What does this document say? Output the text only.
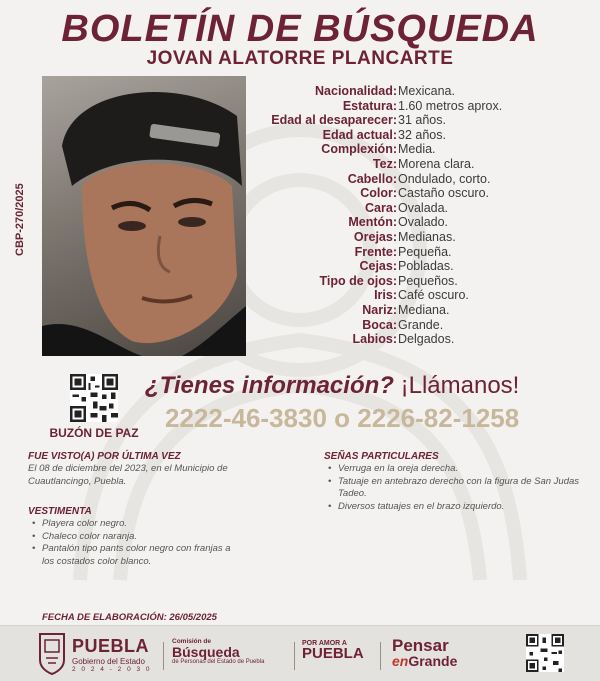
BOLETÍN DE BÚSQUEDA
JOVAN ALATORRE PLANCARTE
CBP-270/2025
Nacionalidad: Mexicana.
Estatura: 1.60 metros aprox.
Edad al desaparecer: 31 años.
Edad actual: 32 años.
Complexión: Media.
Tez: Morena clara.
Cabello: Ondulado, corto.
Color: Castaño oscuro.
Cara: Ovalada.
Mentón: Ovalado.
Orejas: Medianas.
Frente: Pequeña.
Cejas: Pobladas.
Tipo de ojos: Pequeños.
Iris: Café oscuro.
Nariz: Mediana.
Boca: Grande.
Labios: Delgados.
BUZÓN DE PAZ
¿Tienes información? ¡Llámanos!
2222-46-3830 o 2226-82-1258
FUE VISTO(A) POR ÚLTIMA VEZ
El 08 de diciembre del 2023, en el Municipio de Cuautlancingo, Puebla.
VESTIMENTA
• Playera color negro.
• Chaleco color naranja.
• Pantalón tipo pants color negro con franjas a los costados color blanco.
SEÑAS PARTICULARES
• Verruga en la oreja derecha.
• Tatuaje en antebrazo derecho con la figura de San Judas Tadeo.
• Diversos tatuajes en el brazo izquierdo.
FECHA DE ELABORACIÓN: 26/05/2025
PUEBLA
Gobierno del Estado
2 0 2 4 - 2 0 3 0
Comisión de
Búsqueda
de Personas del Estado de Puebla
POR AMOR A
PUEBLA Pensar
enGrande
